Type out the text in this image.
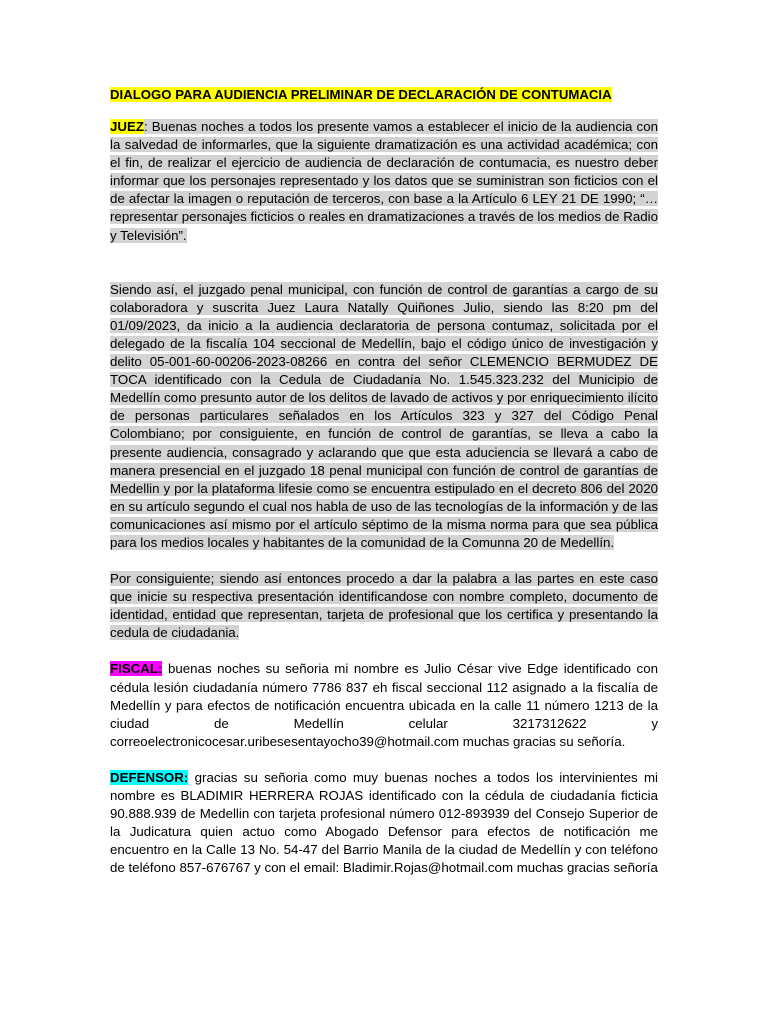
DIALOGO PARA AUDIENCIA PRELIMINAR DE DECLARACIÓN DE CONTUMACIA

JUEZ: Buenas noches a todos los presente vamos a establecer el inicio de la audiencia con la salvedad de informarles, que la siguiente dramatización es una actividad académica; con el fin, de realizar el ejercicio de audiencia de declaración de contumacia, es nuestro deber informar que los personajes representado y los datos que se suministran son ficticios con el de afectar la imagen o reputación de terceros, con base a la Artículo 6 LEY 21 DE 1990; “… representar personajes ficticios o reales en dramatizaciones a través de los medios de Radio y Televisión”.

Siendo así, el juzgado penal municipal, con función de control de garantías a cargo de su colaboradora y suscrita Juez Laura Natally Quiñones Julio, siendo las 8:20 pm del 01/09/2023, da inicio a la audiencia declaratoria de persona contumaz, solicitada por el delegado de la fiscalía 104 seccional de Medellín, bajo el código único de investigación y delito 05-001-60-00206-2023-08266 en contra del señor CLEMENCIO BERMUDEZ DE TOCA identificado con la Cedula de Ciudadanía No. 1.545.323.232 del Municipio de Medellín como presunto autor de los delitos de lavado de activos y por enriquecimiento ilícito de personas particulares señalados en los Artículos 323 y 327 del Código Penal Colombiano; por consiguiente, en función de control de garantías, se lleva a cabo la presente audiencia, consagrado y aclarando que que esta aduciencia se llevará a cabo de manera presencial en el juzgado 18 penal municipal con función de control de garantías de Medellin y por la plataforma lifesie como se encuentra estipulado en el decreto 806 del 2020 en su artículo segundo el cual nos habla de uso de las tecnologías de la información y de las comunicaciones así mismo por el artículo séptimo de la misma norma para que sea pública para los medios locales y habitantes de la comunidad de la Comunna 20 de Medellín.

Por consiguiente; siendo así entonces procedo a dar la palabra a las partes en este caso que inicie su respectiva presentación identificandose con nombre completo, documento de identidad, entidad que representan, tarjeta de profesional que los certifica y presentando la cedula de ciudadania.

FISCAL: buenas noches su señoria mi nombre es Julio César vive Edge identificado con cédula lesión ciudadanía número 7786 837 eh fiscal seccional 112 asignado a la fiscalía de Medellín y para efectos de notificación encuentra ubicada en la calle 11 número 1213 de la ciudad de Medellín celular 3217312622 y correoelectronicocesar.uribesesentayocho39@hotmail.com muchas gracias su señoría.

DEFENSOR: gracias su señoria como muy buenas noches a todos los intervinientes mi nombre es BLADIMIR HERRERA ROJAS identificado con la cédula de ciudadanía ficticia 90.888.939 de Medellin con tarjeta profesional número 012-893939 del Consejo Superior de la Judicatura quien actuo como Abogado Defensor para efectos de notificación me encuentro en la Calle 13 No. 54-47 del Barrio Manila de la ciudad de Medellín y con teléfono de teléfono 857-676767 y con el email: Bladimir.Rojas@hotmail.com muchas gracias señoría
